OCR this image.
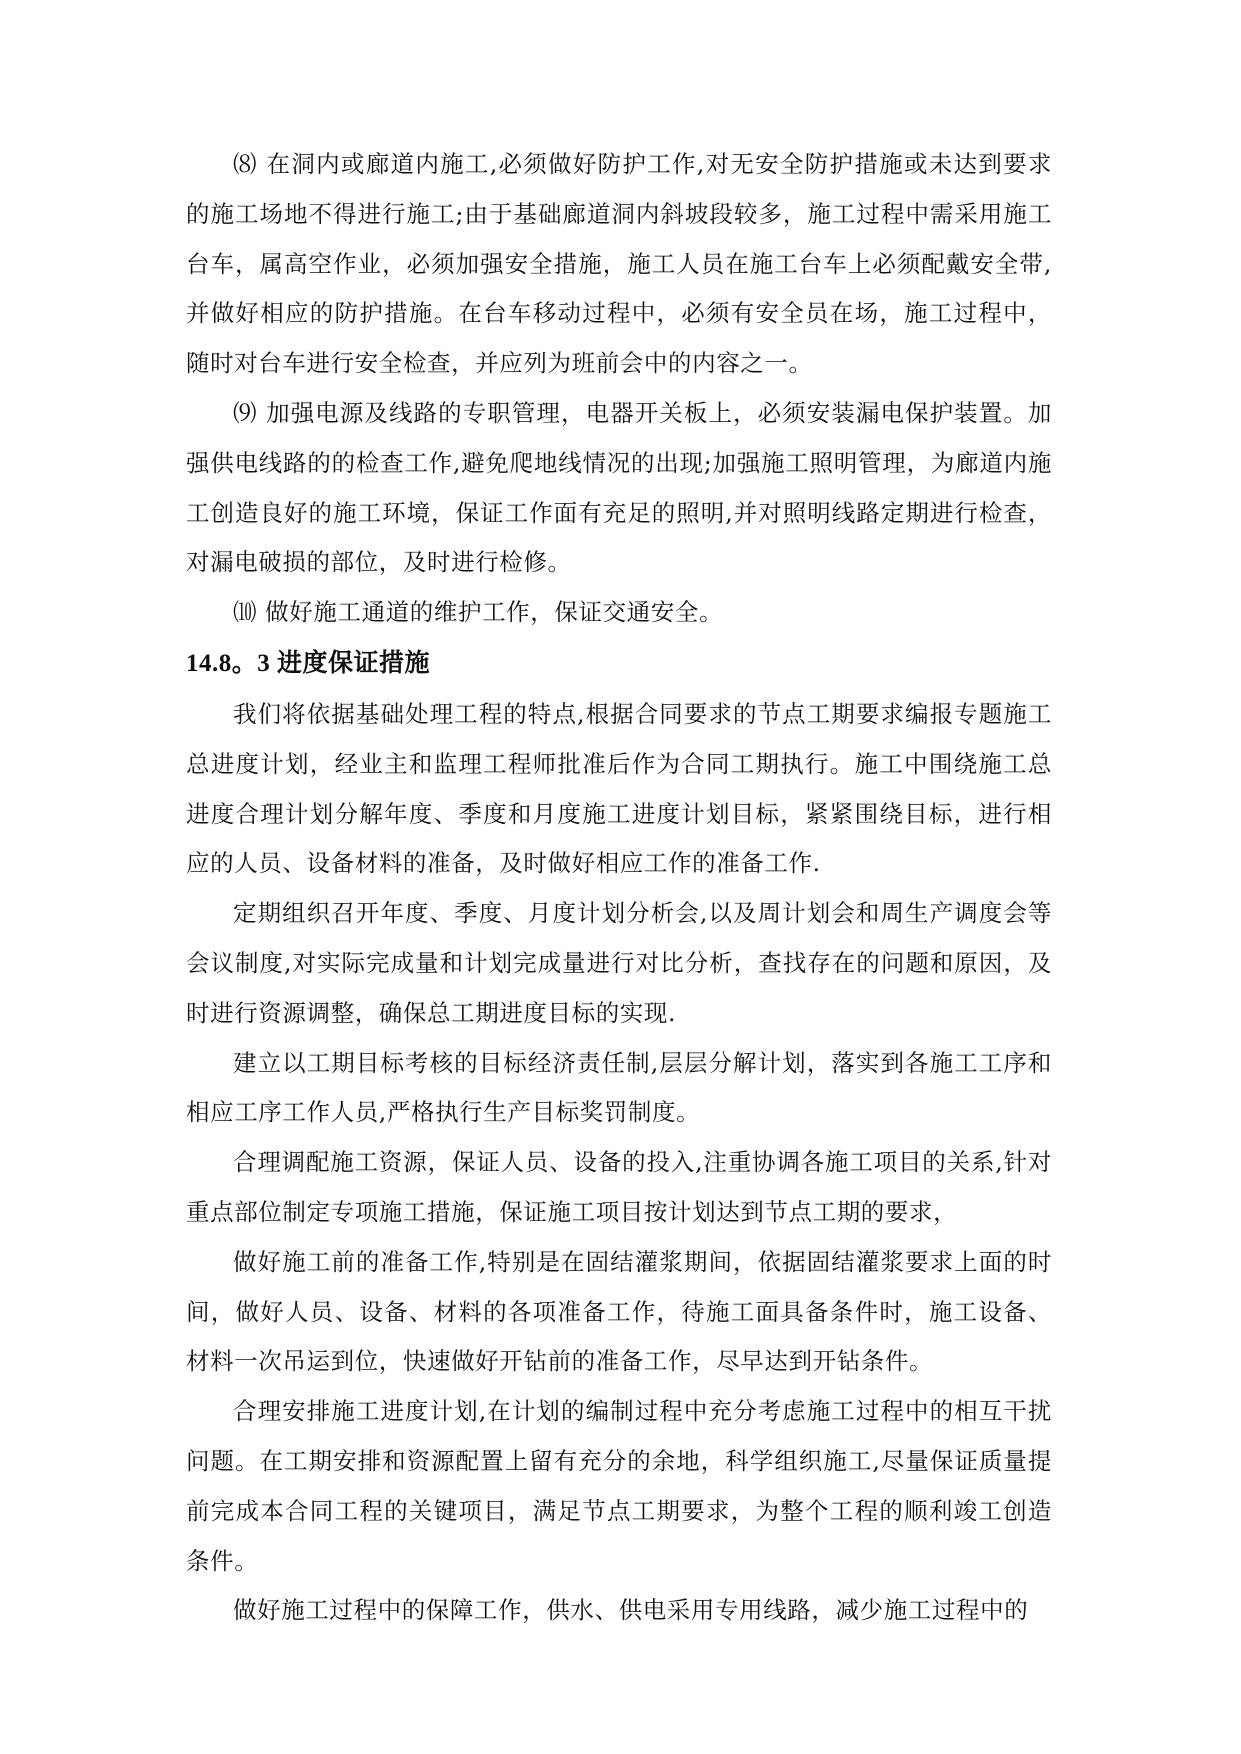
⑻ 在洞内或廊道内施工,必须做好防护工作,对无安全防护措施或未达到要求的施工场地不得进行施工;由于基础廊道洞内斜坡段较多，施工过程中需采用施工台车，属高空作业，必须加强安全措施，施工人员在施工台车上必须配戴安全带,并做好相应的防护措施。在台车移动过程中，必须有安全员在场，施工过程中，随时对台车进行安全检查，并应列为班前会中的内容之一。

⑼ 加强电源及线路的专职管理，电器开关板上，必须安装漏电保护装置。加强供电线路的的检查工作,避免爬地线情况的出现;加强施工照明管理，为廊道内施工创造良好的施工环境，保证工作面有充足的照明,并对照明线路定期进行检查，对漏电破损的部位，及时进行检修。

⑽ 做好施工通道的维护工作，保证交通安全。

14.8。3 进度保证措施

我们将依据基础处理工程的特点,根据合同要求的节点工期要求编报专题施工总进度计划，经业主和监理工程师批准后作为合同工期执行。施工中围绕施工总进度合理计划分解年度、季度和月度施工进度计划目标，紧紧围绕目标，进行相应的人员、设备材料的准备，及时做好相应工作的准备工作.

定期组织召开年度、季度、月度计划分析会,以及周计划会和周生产调度会等会议制度,对实际完成量和计划完成量进行对比分析，查找存在的问题和原因，及时进行资源调整，确保总工期进度目标的实现.

建立以工期目标考核的目标经济责任制,层层分解计划，落实到各施工工序和相应工序工作人员,严格执行生产目标奖罚制度。

合理调配施工资源，保证人员、设备的投入,注重协调各施工项目的关系,针对重点部位制定专项施工措施，保证施工项目按计划达到节点工期的要求，

做好施工前的准备工作,特别是在固结灌浆期间，依据固结灌浆要求上面的时间，做好人员、设备、材料的各项准备工作，待施工面具备条件时，施工设备、材料一次吊运到位，快速做好开钻前的准备工作，尽早达到开钻条件。

合理安排施工进度计划,在计划的编制过程中充分考虑施工过程中的相互干扰问题。在工期安排和资源配置上留有充分的余地，科学组织施工,尽量保证质量提前完成本合同工程的关键项目，满足节点工期要求，为整个工程的顺利竣工创造条件。

做好施工过程中的保障工作，供水、供电采用专用线路，减少施工过程中的
